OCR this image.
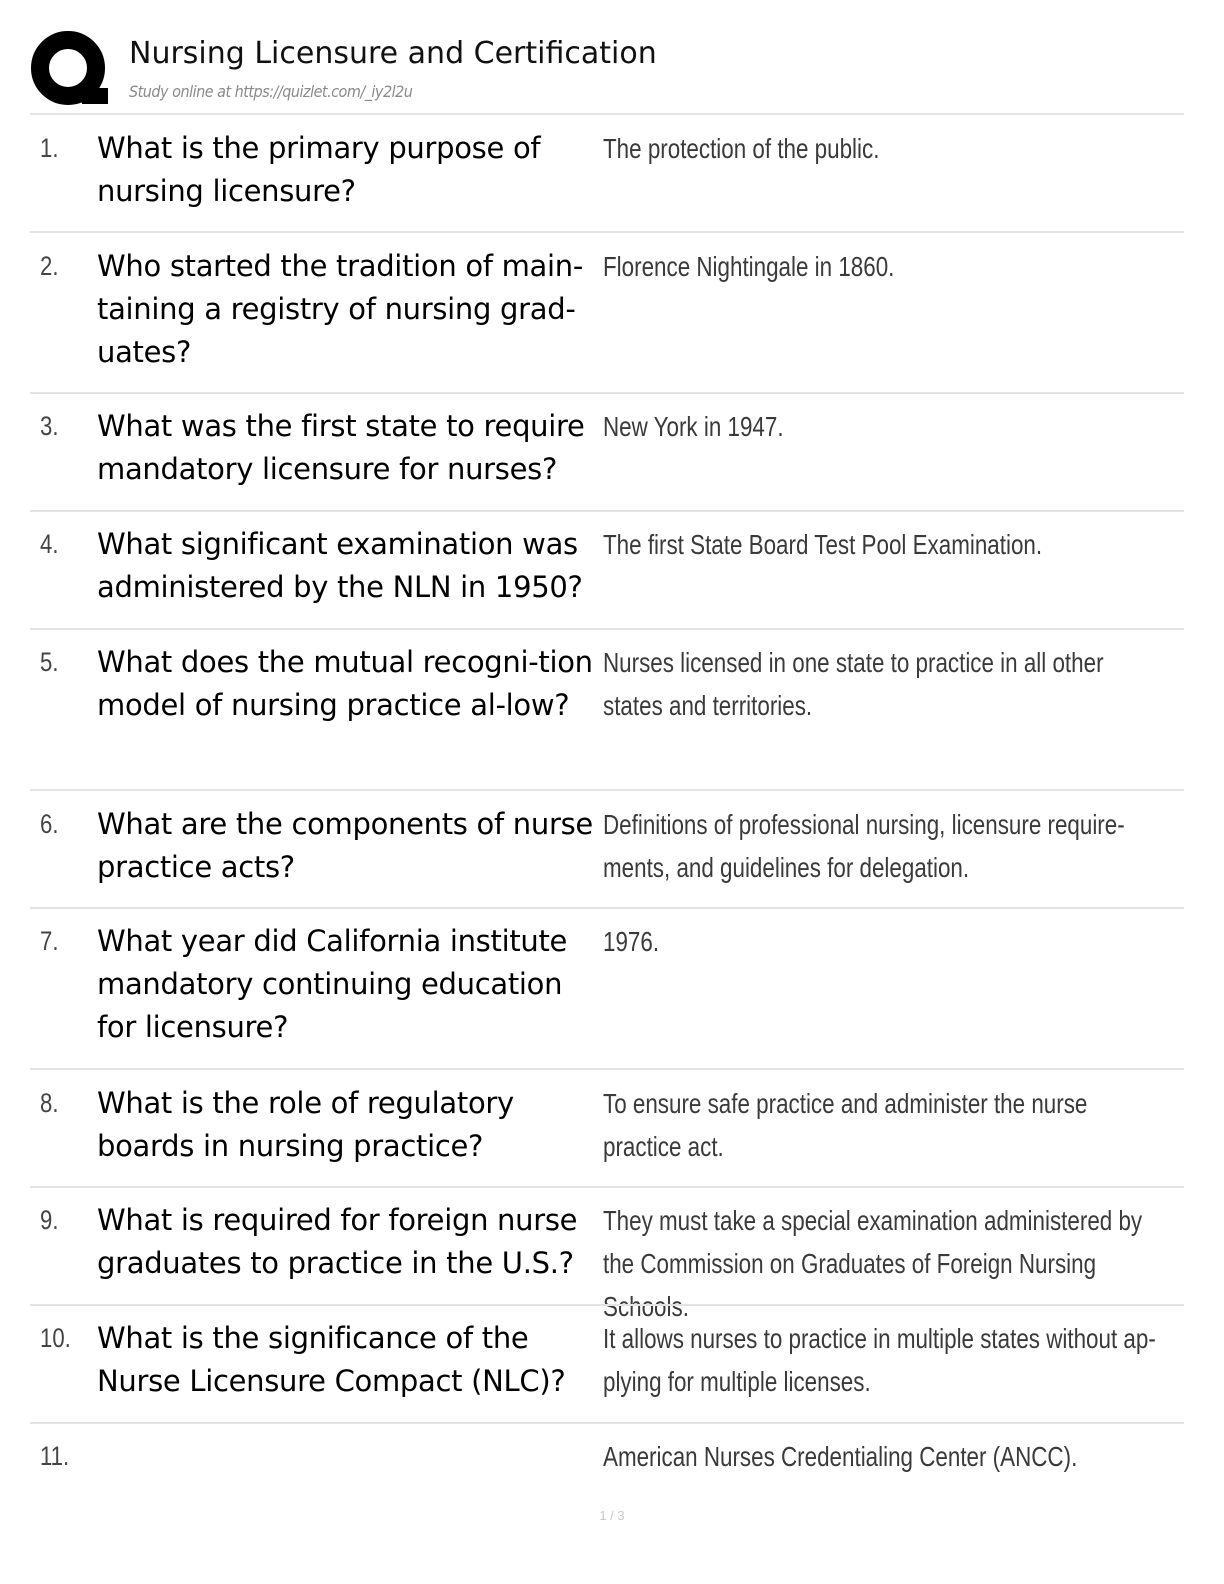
Nursing Licensure and Certification
Study online at https://quizlet.com/_iy2l2u
1. What is the primary purpose of nursing licensure?
The protection of the public.
2. Who started the tradition of main-taining a registry of nursing grad-uates?
Florence Nightingale in 1860.
3. What was the first state to require mandatory licensure for nurses?
New York in 1947.
4. What significant examination was administered by the NLN in 1950?
The first State Board Test Pool Examination.
5. What does the mutual recogni-tion model of nursing practice al-low?
Nurses licensed in one state to practice in all other states and territories.
6. What are the components of nurse practice acts?
Definitions of professional nursing, licensure require-ments, and guidelines for delegation.
7. What year did California institute mandatory continuing education for licensure?
1976.
8. What is the role of regulatory boards in nursing practice?
To ensure safe practice and administer the nurse practice act.
9. What is required for foreign nurse graduates to practice in the U.S.?
They must take a special examination administered by the Commission on Graduates of Foreign Nursing Schools.
10. What is the significance of the Nurse Licensure Compact (NLC)?
It allows nurses to practice in multiple states without ap-plying for multiple licenses.
11.	American Nurses Credentialing Center (ANCC).
1 / 3
